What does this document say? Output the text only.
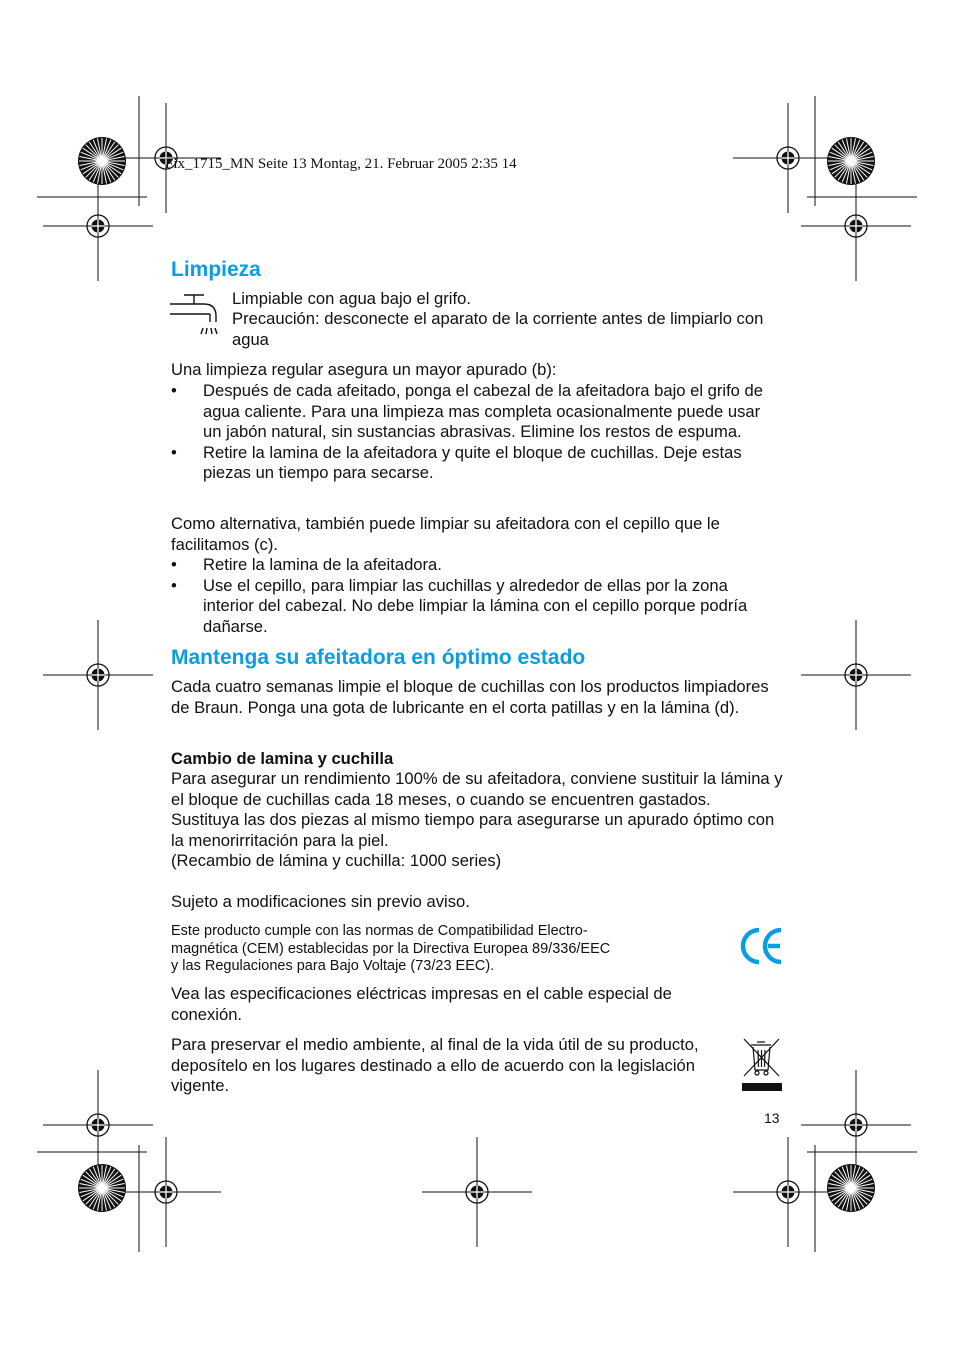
Fix_1715_MN Seite 13 Montag, 21. Februar 2005 2:35 14
Limpieza

Limpiable con agua bajo el grifo.

Precaución: desconecte el aparato de la corriente antes de limpiarlo con agua

Una limpieza regular asegura un mayor apurado (b):

• Después de cada afeitado, ponga el cabezal de la afeitadora bajo el grifo de agua caliente. Para una limpieza mas completa ocasionalmente puede usar un jabón natural, sin sustancias abrasivas. Elimine los restos de espuma.
• Retire la lamina de la afeitadora y quite el bloque de cuchillas. Deje estas piezas un tiempo para secarse.

Como alternativa, también puede limpiar su afeitadora con el cepillo que le facilitamos (c).

• Retire la lamina de la afeitadora.
• Use el cepillo, para limpiar las cuchillas y alrededor de ellas por la zona interior del cabezal. No debe limpiar la lámina con el cepillo porque podría dañarse.
Mantenga su afeitadora en óptimo estado

Cada cuatro semanas limpie el bloque de cuchillas con los productos limpiadores de Braun. Ponga una gota de lubricante en el corta patillas y en la lámina (d).

Cambio de lamina y cuchilla

Para asegurar un rendimiento 100% de su afeitadora, conviene sustituir la lámina y el bloque de cuchillas cada 18 meses, o cuando se encuentren gastados. Sustituya las dos piezas al mismo tiempo para asegurarse un apurado óptimo con la menorirritación para la piel.

(Recambio de lámina y cuchilla: 1000 series)

Sujeto a modificaciones sin previo aviso.

Este producto cumple con las normas de Compatibilidad Electro-

magnética (CEM) establecidas por la Directiva Europea 89/336/EEC

y las Regulaciones para Bajo Voltaje (73/23 EEC).

Vea las especificaciones eléctricas impresas en el cable especial de conexión.

Para preservar el medio ambiente, al final de la vida útil de su producto, deposítelo en los lugares destinado a ello de acuerdo con la legislación vigente.

13
